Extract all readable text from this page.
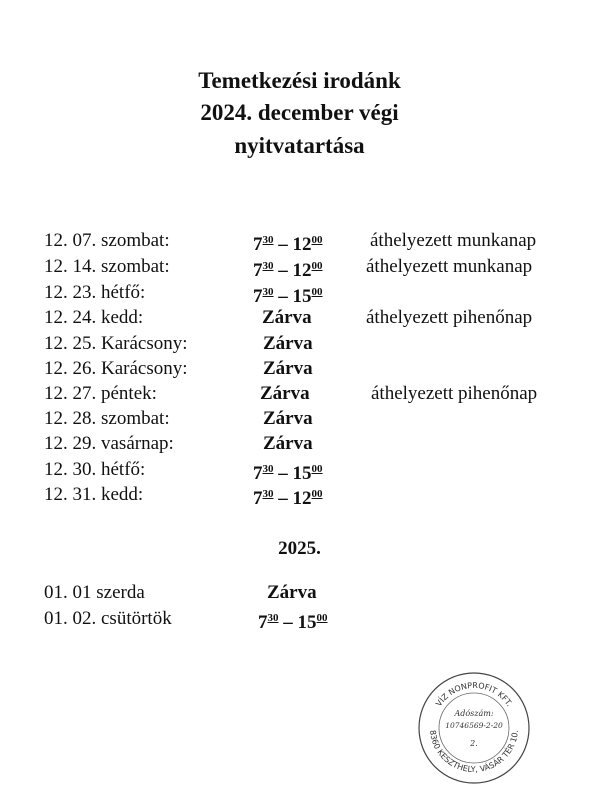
Temetkezési irodánk
2024. december végi
nyitvatartása
12. 07. szombat:	$7^{30} - 12^{00}$	áthelyezett munkanap
12. 14. szombat:	$7^{30} - 12^{00}$ áthelyezett munkanap
12. 23. hétfő:	$7^{30} - 15^{00}$
12. 24. kedd:	Zárva	áthelyezett pihenőnap
12. 25. Karácsony:	Zárva
12. 26. Karácsony:	Zárva
12. 27. péntek:	Zárva	áthelyezett pihenőnap
12. 28. szombat:	Zárva
12. 29. vasárnap:	Zárva
12. 30. hétfő:	$7^{30} - 15^{00}$
12. 31. kedd:	$7^{30} - 12^{00}$
2025.
01. 01 szerda	Zárva
01. 02. csütörtök	$7^{30} - 15^{00}$
VÍZ NONPROFIT KFT.
8360 KESZTHELY, VÁSÁR TÉR 10.
Adószám:
10746569-2-20
2.
